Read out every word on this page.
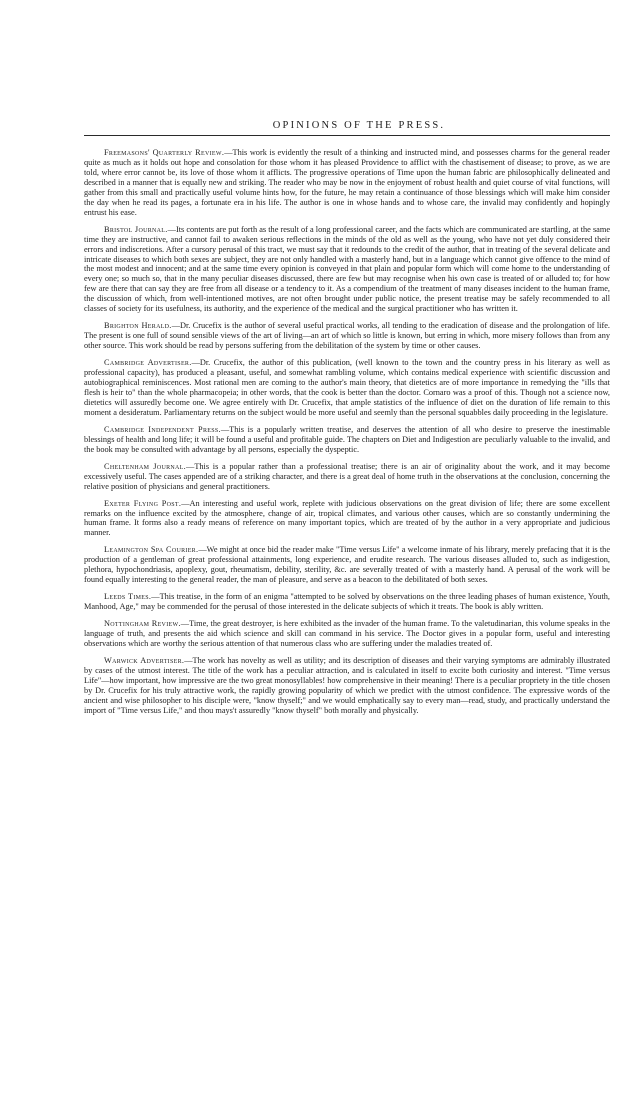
OPINIONS OF THE PRESS.
Freemasons' Quarterly Review.—This work is evidently the result of a thinking and instructed mind, and possesses charms for the general reader quite as much as it holds out hope and consolation for those whom it has pleased Providence to afflict with the chastisement of disease; to prove, as we are told, where error cannot be, its love of those whom it afflicts. The progressive operations of Time upon the human fabric are philosophically delineated and described in a manner that is equally new and striking. The reader who may be now in the enjoyment of robust health and quiet course of vital functions, will gather from this small and practically useful volume hints how, for the future, he may retain a continuance of those blessings which will make him consider the day when he read its pages, a fortunate era in his life. The author is one in whose hands and to whose care, the invalid may confidently and hopingly entrust his ease.
Bristol Journal.—Its contents are put forth as the result of a long professional career, and the facts which are communicated are startling, at the same time they are instructive, and cannot fail to awaken serious reflections in the minds of the old as well as the young, who have not yet duly considered their errors and indiscretions. After a cursory perusal of this tract, we must say that it redounds to the credit of the author, that in treating of the several delicate and intricate diseases to which both sexes are subject, they are not only handled with a masterly hand, but in a language which cannot give offence to the mind of the most modest and innocent; and at the same time every opinion is conveyed in that plain and popular form which will come home to the understanding of every one; so much so, that in the many peculiar diseases discussed, there are few but may recognise when his own case is treated of or alluded to; for how few are there that can say they are free from all disease or a tendency to it. As a compendium of the treatment of many diseases incident to the human frame, the discussion of which, from well-intentioned motives, are not often brought under public notice, the present treatise may be safely recommended to all classes of society for its usefulness, its authority, and the experience of the medical and the surgical practitioner who has written it.
Brighton Herald.—Dr. Crucefix is the author of several useful practical works, all tending to the eradication of disease and the prolongation of life. The present is one full of sound sensible views of the art of living—an art of which so little is known, but erring in which, more misery follows than from any other source. This work should be read by persons suffering from the debilitation of the system by time or other causes.
Cambridge Advertiser.—Dr. Crucefix, the author of this publication, (well known to the town and the country press in his literary as well as professional capacity), has produced a pleasant, useful, and somewhat rambling volume, which contains medical experience with scientific discussion and autobiographical reminiscences. Most rational men are coming to the author's main theory, that dietetics are of more importance in remedying the "ills that flesh is heir to" than the whole pharmacopeia; in other words, that the cook is better than the doctor. Cornaro was a proof of this. Though not a science now, dietetics will assuredly become one. We agree entirely with Dr. Crucefix, that ample statistics of the influence of diet on the duration of life remain to this moment a desideratum. Parliamentary returns on the subject would be more useful and seemly than the personal squabbles daily proceeding in the legislature.
Cambridge Independent Press.—This is a popularly written treatise, and deserves the attention of all who desire to preserve the inestimable blessings of health and long life; it will be found a useful and profitable guide. The chapters on Diet and Indigestion are peculiarly valuable to the invalid, and the book may be consulted with advantage by all persons, especially the dyspeptic.
Cheltenham Journal.—This is a popular rather than a professional treatise; there is an air of originality about the work, and it may become excessively useful. The cases appended are of a striking character, and there is a great deal of home truth in the observations at the conclusion, concerning the relative position of physicians and general practitioners.
Exeter Flying Post.—An interesting and useful work, replete with judicious observations on the great division of life; there are some excellent remarks on the influence excited by the atmosphere, change of air, tropical climates, and various other causes, which are so constantly undermining the human frame. It forms also a ready means of reference on many important topics, which are treated of by the author in a very appropriate and judicious manner.
Leamington Spa Courier.—We might at once bid the reader make "Time versus Life" a welcome inmate of his library, merely prefacing that it is the production of a gentleman of great professional attainments, long experience, and erudite research. The various diseases alluded to, such as indigestion, plethora, hypochondriasis, apoplexy, gout, rheumatism, debility, sterility, &c. are severally treated of with a masterly hand. A perusal of the work will be found equally interesting to the general reader, the man of pleasure, and serve as a beacon to the debilitated of both sexes.
Leeds Times.—This treatise, in the form of an enigma "attempted to be solved by observations on the three leading phases of human existence, Youth, Manhood, Age," may be commended for the perusal of those interested in the delicate subjects of which it treats. The book is ably written.
Nottingham Review.—Time, the great destroyer, is here exhibited as the invader of the human frame. To the valetudinarian, this volume speaks in the language of truth, and presents the aid which science and skill can command in his service. The Doctor gives in a popular form, useful and interesting observations which are worthy the serious attention of that numerous class who are suffering under the maladies treated of.
Warwick Advertiser.—The work has novelty as well as utility; and its description of diseases and their varying symptoms are admirably illustrated by cases of the utmost interest. The title of the work has a peculiar attraction, and is calculated in itself to excite both curiosity and interest. "Time versus Life"—how important, how impressive are the two great monosyllables! how comprehensive in their meaning! There is a peculiar propriety in the title chosen by Dr. Crucefix for his truly attractive work, the rapidly growing popularity of which we predict with the utmost confidence. The expressive words of the ancient and wise philosopher to his disciple were, "know thyself;" and we would emphatically say to every man—read, study, and practically understand the import of "Time versus Life," and thou mays't assuredly "know thyself" both morally and physically.
